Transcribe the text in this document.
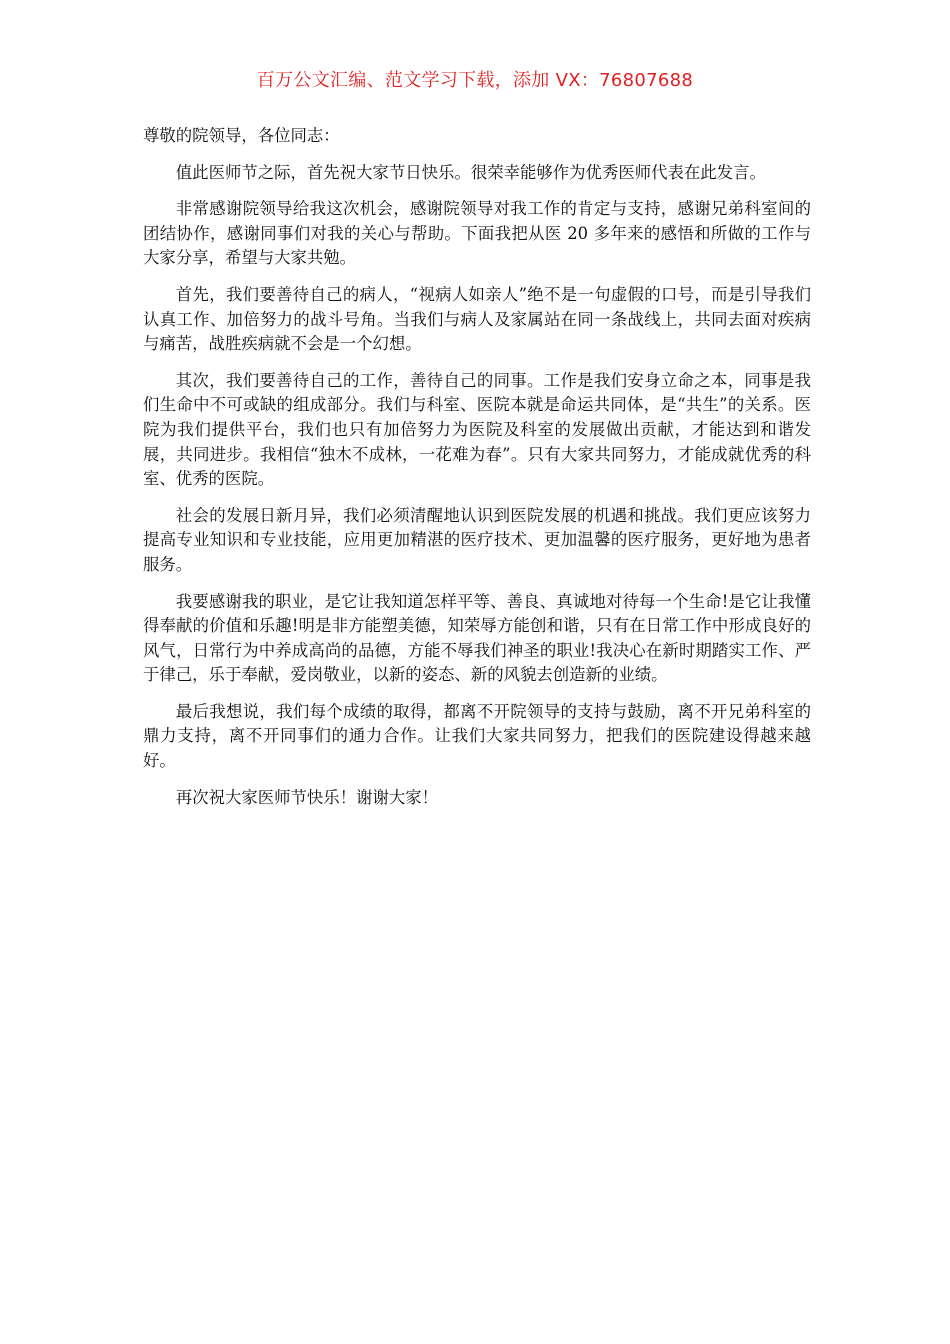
百万公文汇编、范文学习下载，添加 VX：76807688

尊敬的院领导，各位同志：

值此医师节之际，首先祝大家节日快乐。很荣幸能够作为优秀医师代表在此发言。

非常感谢院领导给我这次机会，感谢院领导对我工作的肯定与支持，感谢兄弟科室间的团结协作，感谢同事们对我的关心与帮助。下面我把从医 20 多年来的感悟和所做的工作与大家分享，希望与大家共勉。

首先，我们要善待自己的病人，“视病人如亲人”绝不是一句虚假的口号，而是引导我们认真工作、加倍努力的战斗号角。当我们与病人及家属站在同一条战线上，共同去面对疾病与痛苦，战胜疾病就不会是一个幻想。

其次，我们要善待自己的工作，善待自己的同事。工作是我们安身立命之本，同事是我们生命中不可或缺的组成部分。我们与科室、医院本就是命运共同体，是“共生”的关系。医院为我们提供平台，我们也只有加倍努力为医院及科室的发展做出贡献，才能达到和谐发展，共同进步。我相信“独木不成林，一花难为春”。只有大家共同努力，才能成就优秀的科室、优秀的医院。

社会的发展日新月异，我们必须清醒地认识到医院发展的机遇和挑战。我们更应该努力提高专业知识和专业技能，应用更加精湛的医疗技术、更加温馨的医疗服务，更好地为患者服务。

我要感谢我的职业，是它让我知道怎样平等、善良、真诚地对待每一个生命!是它让我懂得奉献的价值和乐趣!明是非方能塑美德，知荣辱方能创和谐，只有在日常工作中形成良好的风气，日常行为中养成高尚的品德，方能不辱我们神圣的职业!我决心在新时期踏实工作、严于律己，乐于奉献，爱岗敬业，以新的姿态、新的风貌去创造新的业绩。

最后我想说，我们每个成绩的取得，都离不开院领导的支持与鼓励，离不开兄弟科室的鼎力支持，离不开同事们的通力合作。让我们大家共同努力，把我们的医院建设得越来越好。

再次祝大家医师节快乐！谢谢大家！
